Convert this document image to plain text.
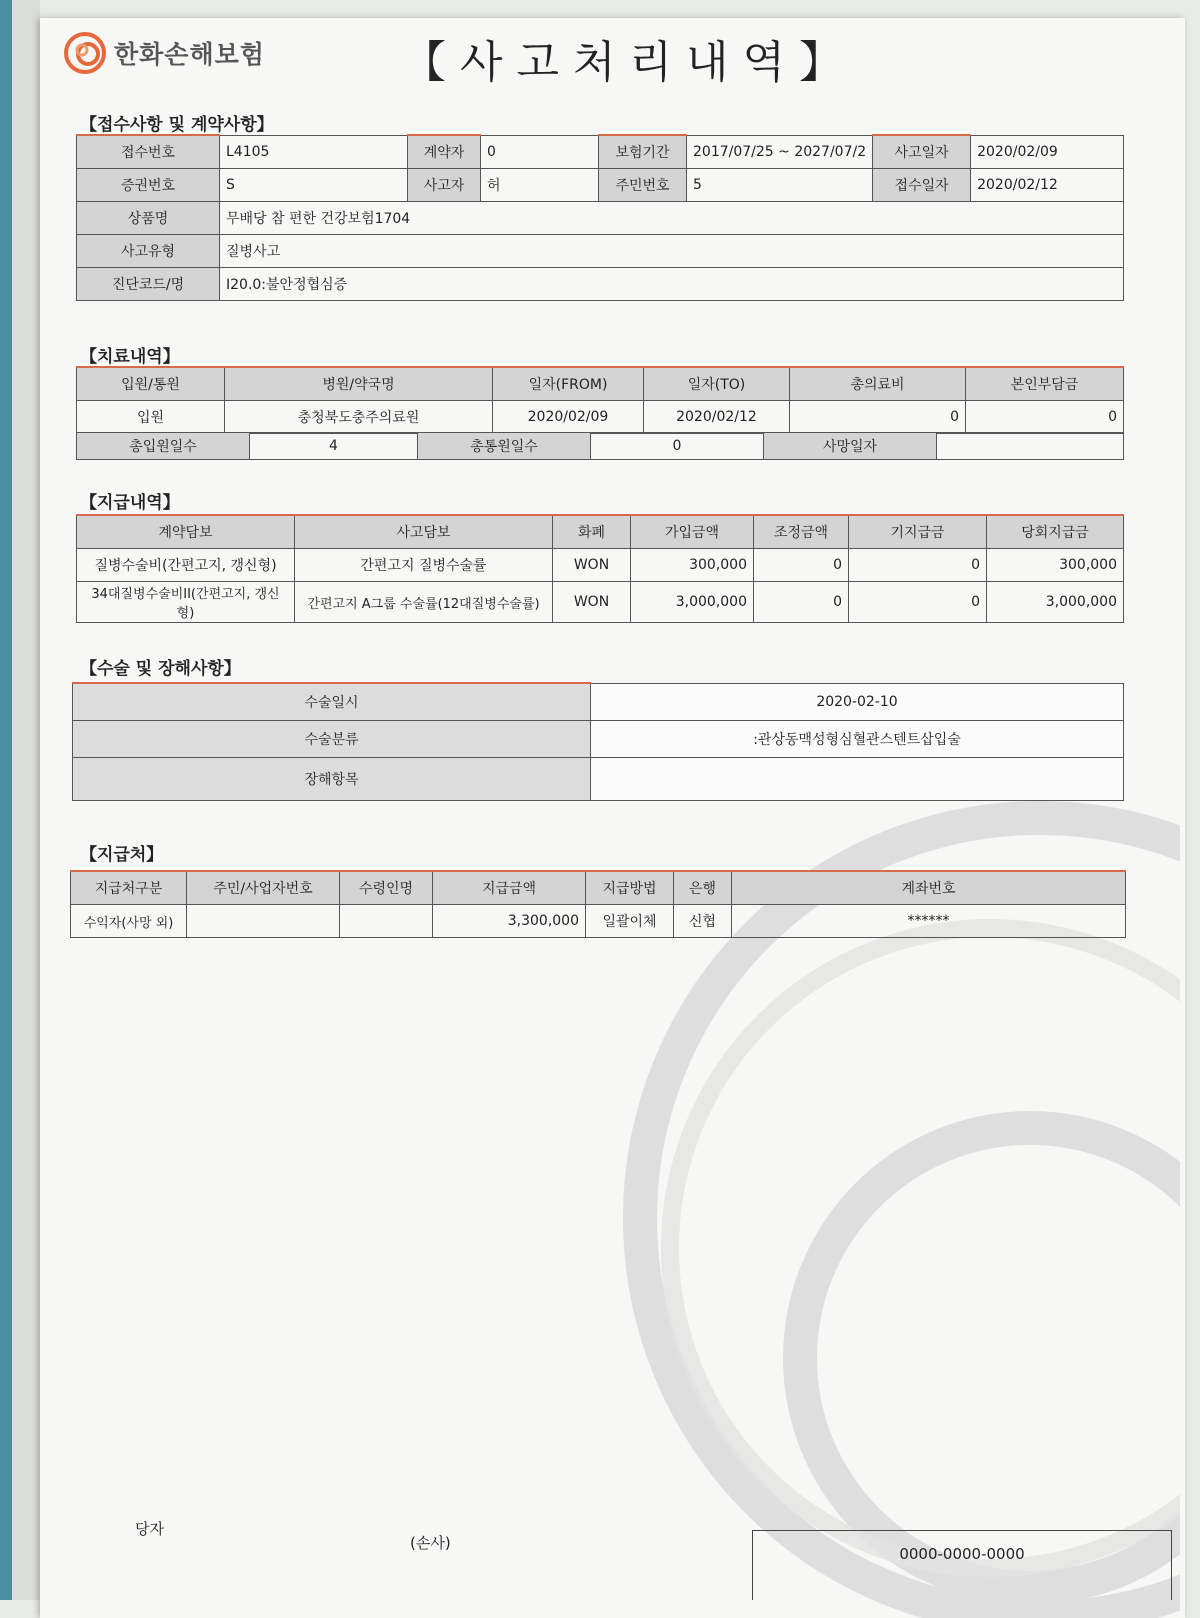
한화손해보험	【사고처리내역】
【접수사항 및 계약사항】
접수번호	L4105	계약자	0	보험기간	2017/07/25 ~ 2027/07/2	사고일자	2020/02/09
증권번호	S	사고자	허	주민번호	5	접수일자	2020/02/12
상품명	무배당 참 편한 건강보험1704						
사고유형	질병사고						
진단코드/명	I20.0:불안정협심증						
【치료내역】
입원/통원	병원/약국명	일자(FROM)	일자(TO)	총의료비	본인부담금
입원	충청북도충주의료원	2020/02/09	2020/02/12	0	0
총입원일수	4	총통원일수	0	사망일자	
【지급내역】
계약담보	사고담보	화폐	가입금액	조정금액	기지급금	당회지급금
질병수술비(간편고지, 갱신형)	간편고지 질병수술률	WON	300,000	0	0	300,000
34대질병수술비II(간편고지, 갱신형)	간편고지 A그룹 수술률(12대질병수술률)	WON	3,000,000	0	0	3,000,000
【수술 및 장해사항】
수술일시	2020-02-10
수술분류	:관상동맥성형심혈관스텐트삽입술
장해항목	
【지급처】
지급처구분	주민/사업자번호	수령인명	지급금액	지급방법	은행	계좌번호
수익자(사망 외)			3,300,000	일괄이체	신협	******
당자
(손사)
0000-0000-0000
